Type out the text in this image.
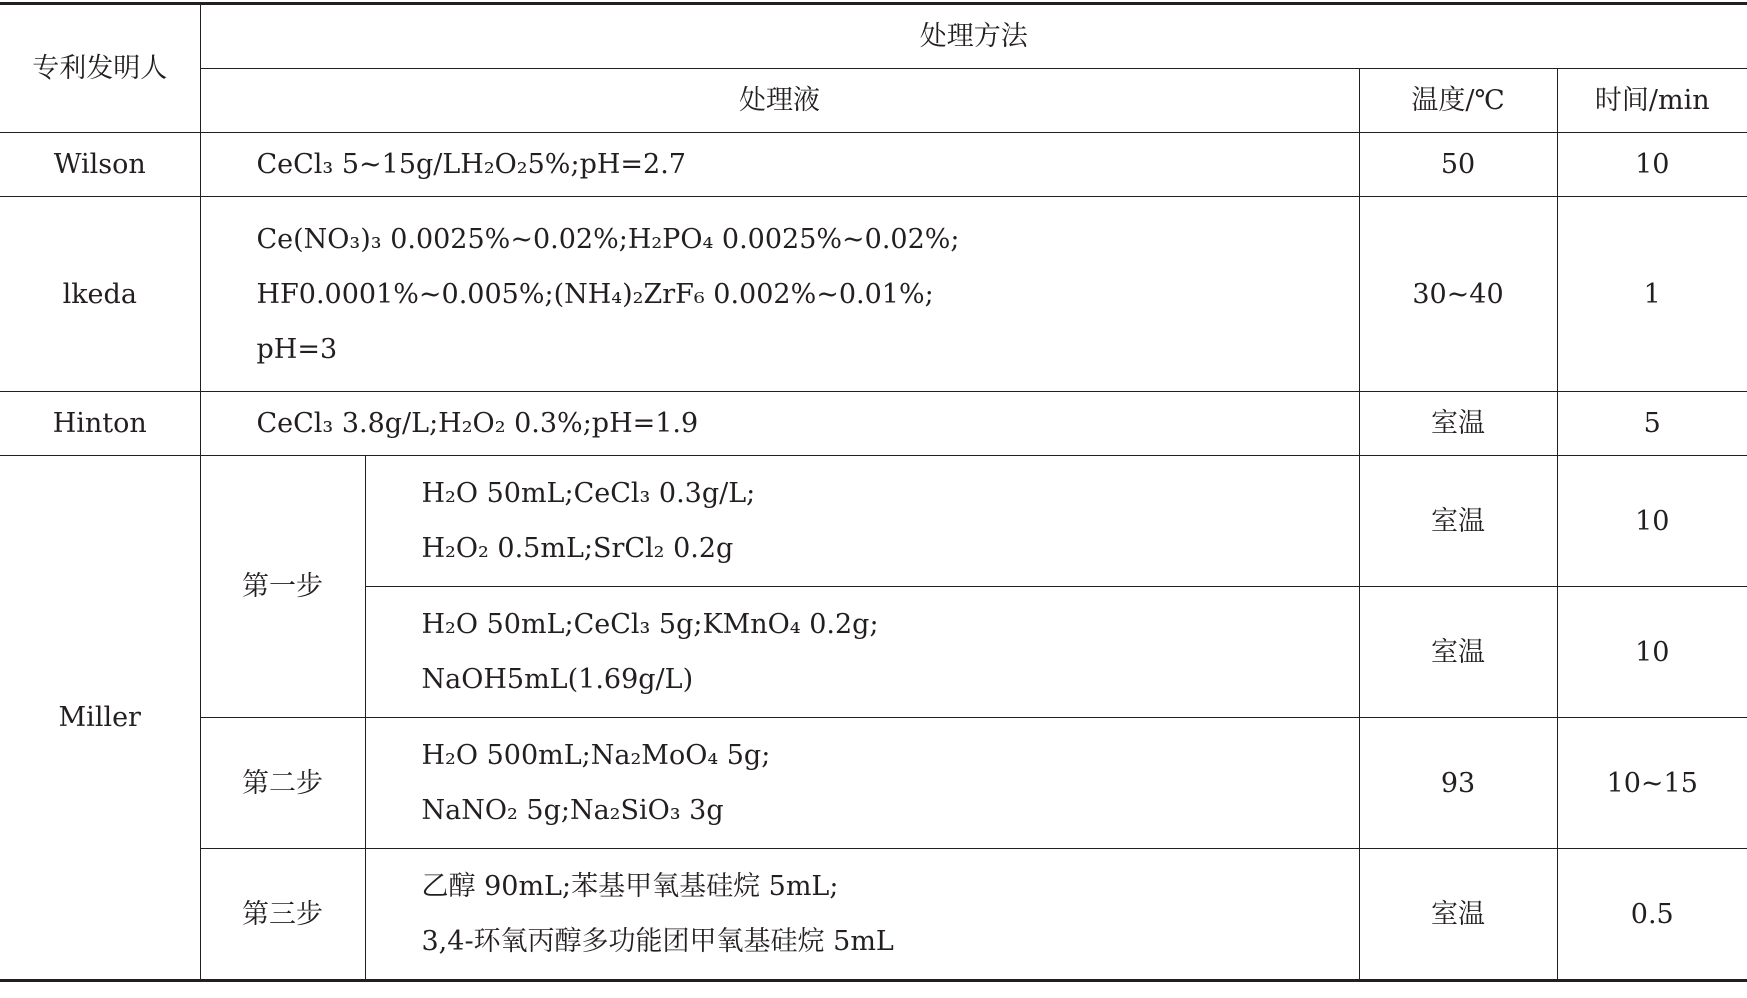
专利发明人	处理方法			
	处理液		温度/℃	时间/min
Wilson	CeCl₃ 5~15g/LH₂O₂5%;pH=2.7		50	10
lkeda	Ce(NO₃)₃ 0.0025%~0.02%;H₂PO₄ 0.0025%~0.02%;
HF0.0001%~0.005%;(NH₄)₂ZrF₆ 0.002%~0.01%;
pH=3		30~40	1
Hinton	CeCl₃ 3.8g/L;H₂O₂ 0.3%;pH=1.9		室温	5
Miller	第一步	H₂O 50mL;CeCl₃ 0.3g/L;
H₂O₂ 0.5mL;SrCl₂ 0.2g	室温	10

		H₂O 50mL;CeCl₃ 5g;KMnO₄ 0.2g;
NaOH5mL(1.69g/L)	室温	10
	第二步	H₂O 500mL;Na₂MoO₄ 5g;
NaNO₂ 5g;Na₂SiO₃ 3g	93	10~15
	第三步	乙醇 90mL;苯基甲氧基硅烷 5mL;
3,4-环氧丙醇多功能团甲氧基硅烷 5mL	室温	0.5
